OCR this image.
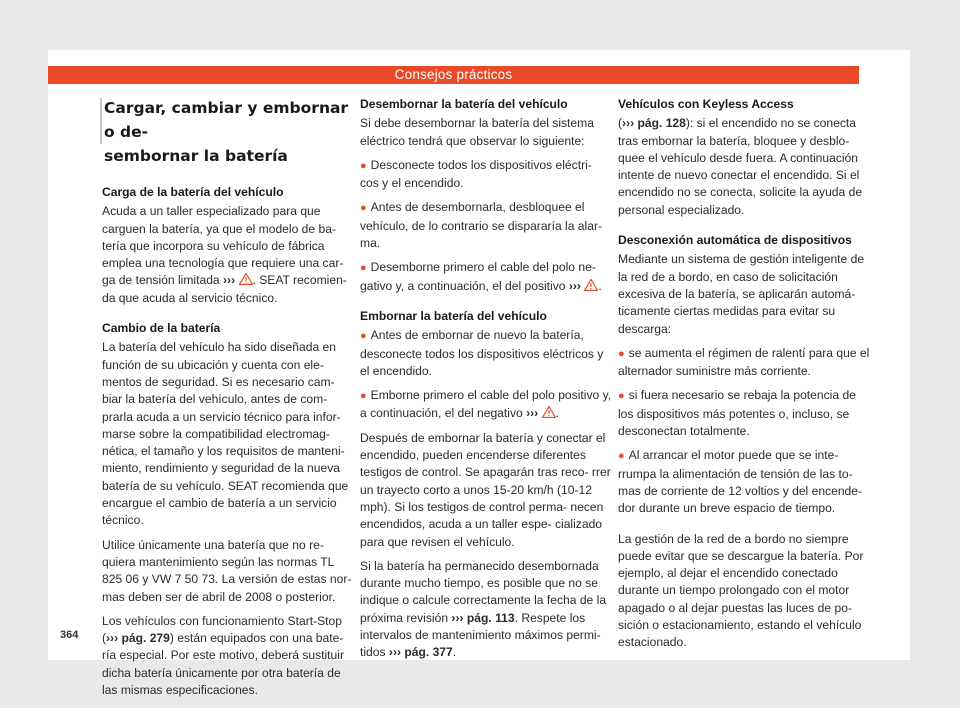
Consejos prácticos
Cargar, cambiar y embornar o de-
sembornar la batería
Carga de la batería del vehículo

Acuda a un taller especializado para que carguen la batería, ya que el modelo de ba- tería que incorpora su vehículo de fábrica emplea una tecnología que requiere una car- ga de tensión limitada ››› . SEAT recomien- da que acuda al servicio técnico.

Cambio de la batería

La batería del vehículo ha sido diseñada en función de su ubicación y cuenta con ele- mentos de seguridad. Si es necesario cam- biar la batería del vehículo, antes de com- prarla acuda a un servicio técnico para infor- marse sobre la compatibilidad electromag- nética, el tamaño y los requisitos de manteni- miento, rendimiento y seguridad de la nueva batería de su vehículo. SEAT recomienda que encargue el cambio de batería a un servicio técnico.

Utilice únicamente una batería que no re- quiera mantenimiento según las normas TL 825 06 y VW 7 50 73. La versión de estas nor- mas deben ser de abril de 2008 o posterior.

Los vehículos con funcionamiento Start-Stop (››› pág. 279) están equipados con una bate- ría especial. Por este motivo, deberá sustituir dicha batería únicamente por otra batería de las mismas especificaciones.

Desembornar la batería del vehículo

Si debe desembornar la batería del sistema eléctrico tendrá que observar lo siguiente:

● Desconecte todos los dispositivos eléctri- cos y el encendido.

● Antes de desembornarla, desbloquee el vehículo, de lo contrario se dispararía la alar- ma.

● Desemborne primero el cable del polo ne- gativo y, a continuación, el del positivo ››› .

Embornar la batería del vehículo

● Antes de embornar de nuevo la batería, desconecte todos los dispositivos eléctricos y el encendido.

● Emborne primero el cable del polo positivo y, a continuación, el del negativo ››› .

Después de embornar la batería y conectar el encendido, pueden encenderse diferentes testigos de control. Se apagarán tras reco- rrer un trayecto corto a unos 15-20 km/h (10-12 mph). Si los testigos de control perma- necen encendidos, acuda a un taller espe- cializado para que revisen el vehículo.

Si la batería ha permanecido desembornada durante mucho tiempo, es posible que no se indique o calcule correctamente la fecha de la próxima revisión ››› pág. 113. Respete los intervalos de mantenimiento máximos permi- tidos ››› pág. 377.

Vehículos con Keyless Access

(››› pág. 128): si el encendido no se conecta tras embornar la batería, bloquee y desblo- quee el vehículo desde fuera. A continuación intente de nuevo conectar el encendido. Si el encendido no se conecta, solicite la ayuda de personal especializado.

Desconexión automática de dispositivos

Mediante un sistema de gestión inteligente de la red de a bordo, en caso de solicitación excesiva de la batería, se aplicarán automá- ticamente ciertas medidas para evitar su descarga:

● se aumenta el régimen de ralentí para que el alternador suministre más corriente.

● si fuera necesario se rebaja la potencia de los dispositivos más potentes o, incluso, se desconectan totalmente.

● Al arrancar el motor puede que se inte- rrumpa la alimentación de tensión de las to- mas de corriente de 12 voltios y del encende- dor durante un breve espacio de tiempo.

La gestión de la red de a bordo no siempre puede evitar que se descargue la batería. Por ejemplo, al dejar el encendido conectado durante un tiempo prolongado con el motor apagado o al dejar puestas las luces de po- sición o estacionamiento, estando el vehículo estacionado.

364
